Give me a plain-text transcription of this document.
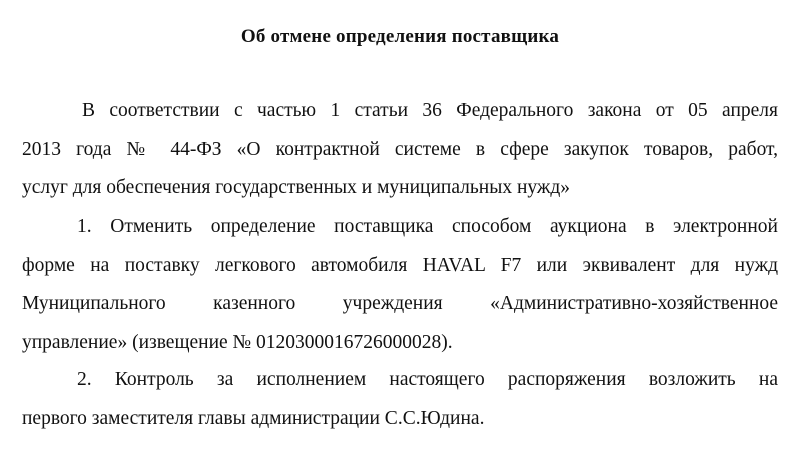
Об отмене определения поставщика
В соответствии с частью 1 статьи 36 Федерального закона от 05 апреля
2013 года № 44-ФЗ «О контрактной системе в сфере закупок товаров, работ,
услуг для обеспечения государственных и муниципальных нужд»
1. Отменить определение поставщика способом аукциона в электронной
форме на поставку легкового автомобиля HAVAL F7 или эквивалент для нужд
Муниципального казенного учреждения «Административно-хозяйственное
управление» (извещение № 0120300016726000028).
2. Контроль за исполнением настоящего распоряжения возложить на
первого заместителя главы администрации С.С.Юдина.
